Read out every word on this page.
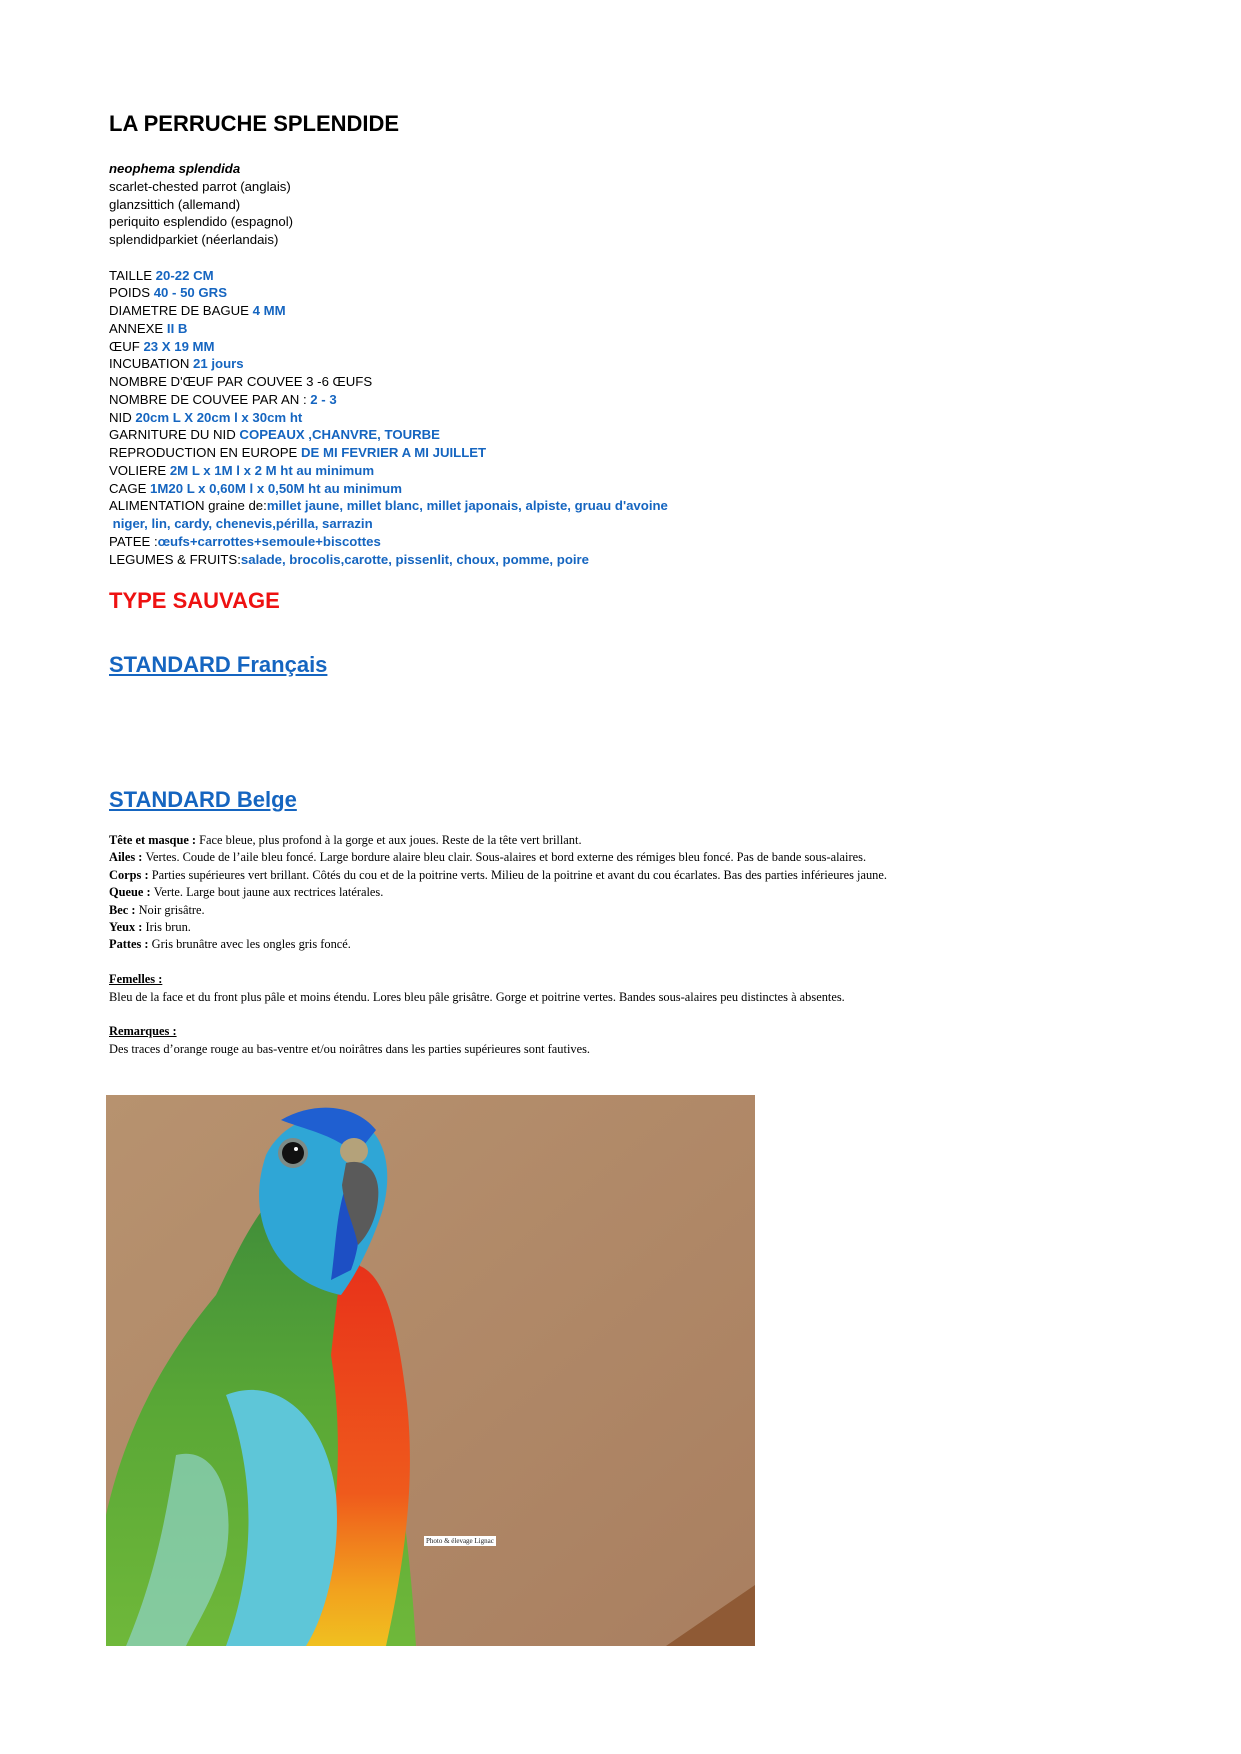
LA PERRUCHE SPLENDIDE
neophema splendida
scarlet-chested parrot (anglais)
glanzsittich (allemand)
periquito esplendido (espagnol)
splendidparkiet (néerlandais)
TAILLE 20-22 CM
POIDS 40 - 50 GRS
DIAMETRE DE BAGUE 4 MM
ANNEXE II B
ŒUF 23 X 19 MM
INCUBATION 21 jours
NOMBRE D'ŒUF PAR COUVEE 3 -6 ŒUFS
NOMBRE DE COUVEE PAR AN : 2 - 3
NID 20cm L X 20cm l x 30cm ht
GARNITURE DU NID COPEAUX ,CHANVRE, TOURBE
REPRODUCTION EN EUROPE DE MI FEVRIER A MI JUILLET
VOLIERE 2M L x 1M l x 2 M ht au minimum
CAGE 1M20 L x 0,60M l x 0,50M ht au minimum
ALIMENTATION graine de:millet jaune, millet blanc, millet japonais, alpiste, gruau d'avoine
niger, lin, cardy, chenevis,périlla, sarrazin
PATEE :œufs+carrottes+semoule+biscottes
LEGUMES & FRUITS:salade, brocolis,carotte, pissenlit, choux, pomme, poire
TYPE SAUVAGE
STANDARD Français
STANDARD Belge
Tête et masque : Face bleue, plus profond à la gorge et aux joues. Reste de la tête vert brillant.
Ailes : Vertes. Coude de l’aile bleu foncé. Large bordure alaire bleu clair. Sous-alaires et bord externe des rémiges bleu foncé. Pas de bande sous-alaires.
Corps : Parties supérieures vert brillant. Côtés du cou et de la poitrine verts. Milieu de la poitrine et avant du cou écarlates. Bas des parties inférieures jaune.
Queue : Verte. Large bout jaune aux rectrices latérales.
Bec : Noir grisâtre.
Yeux : Iris brun.
Pattes : Gris brunâtre avec les ongles gris foncé.
Femelles :
Bleu de la face et du front plus pâle et moins étendu. Lores bleu pâle grisâtre. Gorge et poitrine vertes. Bandes sous-alaires peu distinctes à absentes.
Remarques :
Des traces d’orange rouge au bas-ventre et/ou noirâtres dans les parties supérieures sont fautives.
Photo & élevage Lignac
